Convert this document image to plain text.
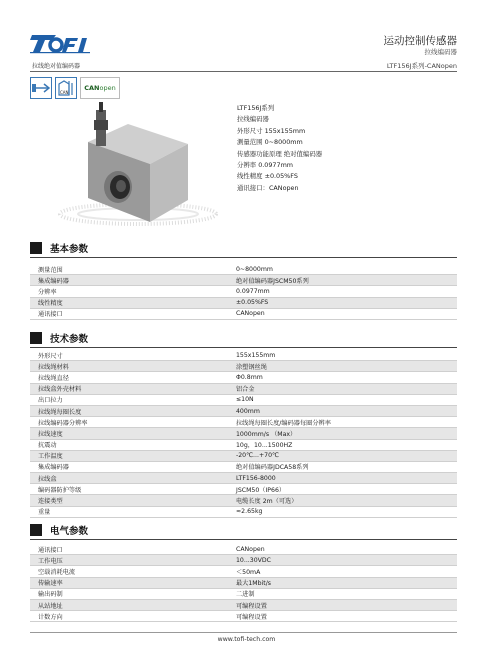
运动控制传感器
拉线编码器
LTF156J系列-CANopen
拉线绝对值编码器
CAN
CAN open
LTF156J系列
拉线编码器
外形尺寸 155x155mm
测量范围 0~8000mm
传感器功能原理 绝对值编码器
分辨率 0.0977mm
线性精度 ±0.05%FS
通讯接口：CANopen
基本参数
测量范围	0~8000mm
集成编码器	绝对值编码器JSCM50系列
分辨率	0.0977mm
线性精度	±0.05%FS
通讯接口	CANopen
技术参数
外形尺寸	155x155mm
拉线绳材料	涂塑钢丝绳
拉线绳直径	Φ0.8mm
拉线盒外壳材料	铝合金
出口拉力	≤10N
拉线绳每圈长度	400mm
拉线编码器分辨率	拉线绳每圈长度/编码器每圈分辨率
拉线速度	1000mm/s （Max）
抗震动	10g，10...1500HZ
工作温度	-20℃...+70℃
集成编码器	绝对值编码器JDCA58系列
拉线盒	LTF156-8000
编码器防护等级	JSCM50（IP66）
连接类型	电缆长度 2m（可选）
重量	≈2.65kg
电气参数
通讯接口	CANopen
工作电压	10...30VDC
空载消耗电流	＜50mA
传输速率	最大1Mbit/s
输出码制	二进制
从站地址	可编程设置
计数方向	可编程设置
www.tofi-tech.com
